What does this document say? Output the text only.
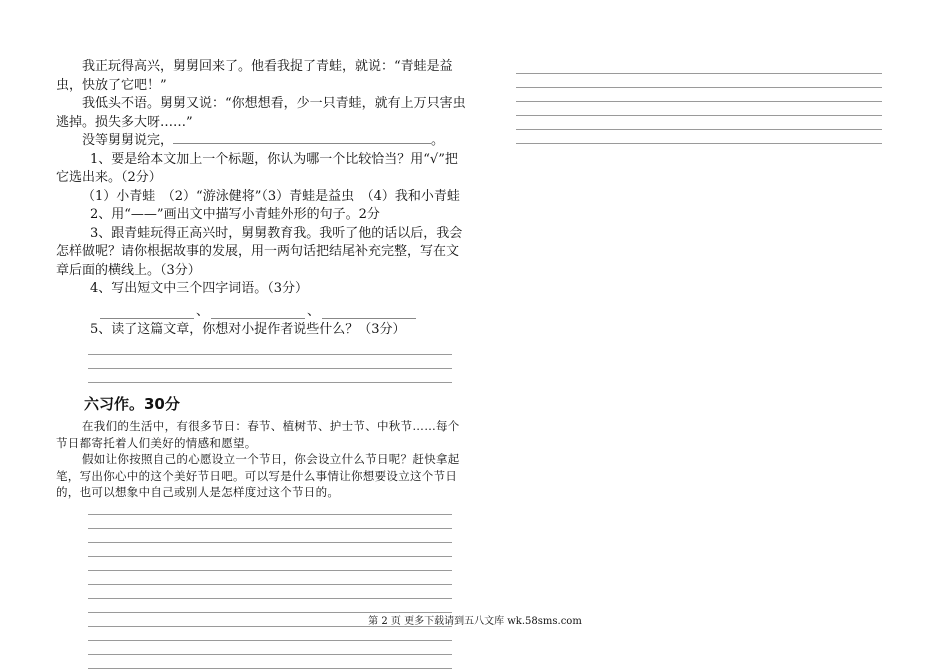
我正玩得高兴，舅舅回来了。他看我捉了青蛙，就说：“青蛙是益虫，快放了它吧！”

我低头不语。舅舅又说：“你想想看，少一只青蛙，就有上万只害虫逃掉。损失多大呀……”

没等舅舅说完，	。

1、要是给本文加上一个标题，你认为哪一个比较恰当？用“√”把它选出来。（2分）

（1）小青蛙　（2）“游泳健将”（3）青蛙是益虫　（4）我和小青蛙

2、用“——”画出文中描写小青蛙外形的句子。2分

3、跟青蛙玩得正高兴时，舅舅教育我。我听了他的话以后，我会怎样做呢？请你根据故事的发展，用一两句话把结尾补充完整，写在文章后面的横线上。（3分）

4、写出短文中三个四字词语。（3分）

、	、

5、读了这篇文章，你想对小捉作者说些什么？（3分）

六习作。30分

在我们的生活中，有很多节日：春节、植树节、护士节、中秋节……每个节日都寄托着人们美好的情感和愿望。

假如让你按照自己的心愿设立一个节日，你会设立什么节日呢？赶快拿起笔，写出你心中的这个美好节日吧。可以写是什么事情让你想要设立这个节日的，也可以想象中自己或别人是怎样度过这个节日的。

第 2 页 更多下载请到五八文库 wk.58sms.com
